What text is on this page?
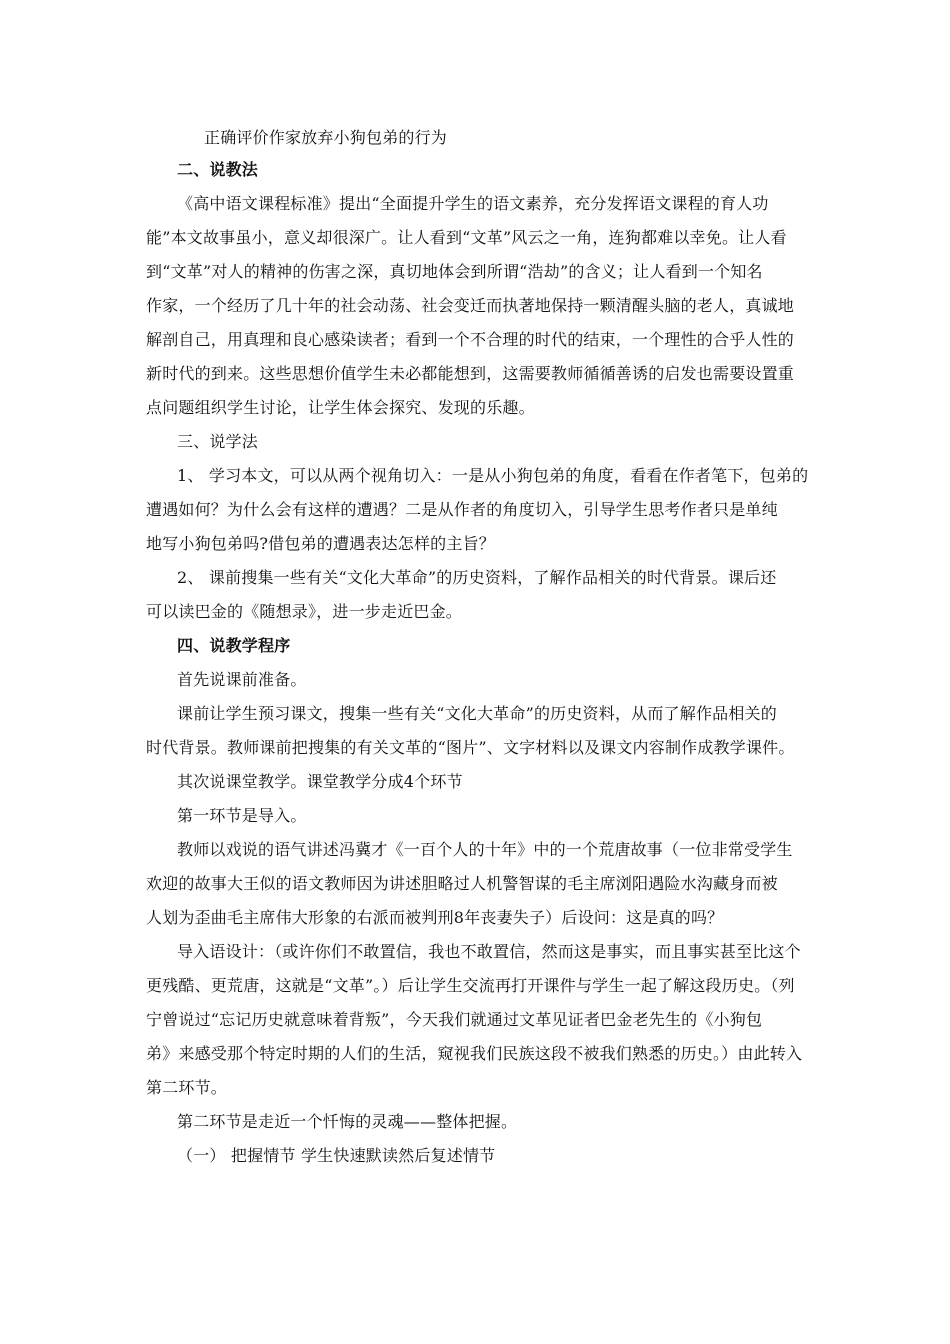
正确评价作家放弃小狗包弟的行为
二、说教法
《高中语文课程标准》提出“全面提升学生的语文素养，充分发挥语文课程的育人功
能”本文故事虽小，意义却很深广。让人看到“文革”风云之一角，连狗都难以幸免。让人看
到“文革”对人的精神的伤害之深，真切地体会到所谓“浩劫”的含义；让人看到一个知名
作家，一个经历了几十年的社会动荡、社会变迁而执著地保持一颗清醒头脑的老人，真诚地
解剖自己，用真理和良心感染读者；看到一个不合理的时代的结束，一个理性的合乎人性的
新时代的到来。这些思想价值学生未必都能想到，这需要教师循循善诱的启发也需要设置重
点问题组织学生讨论，让学生体会探究、发现的乐趣。
三、说学法
1、 学习本文，可以从两个视角切入：一是从小狗包弟的角度，看看在作者笔下，包弟的
遭遇如何？为什么会有这样的遭遇？二是从作者的角度切入，引导学生思考作者只是单纯
地写小狗包弟吗?借包弟的遭遇表达怎样的主旨？
2、 课前搜集一些有关“文化大革命”的历史资料，了解作品相关的时代背景。课后还
可以读巴金的《随想录》，进一步走近巴金。
四、说教学程序
首先说课前准备。
课前让学生预习课文，搜集一些有关“文化大革命”的历史资料，从而了解作品相关的
时代背景。教师课前把搜集的有关文革的“图片”、文字材料以及课文内容制作成教学课件。
其次说课堂教学。课堂教学分成4个环节
第一环节是导入。
教师以戏说的语气讲述冯冀才《一百个人的十年》中的一个荒唐故事（一位非常受学生
欢迎的故事大王似的语文教师因为讲述胆略过人机警智谋的毛主席浏阳遇险水沟藏身而被
人划为歪曲毛主席伟大形象的右派而被判刑8年丧妻失子）后设问：这是真的吗？
导入语设计：（或许你们不敢置信，我也不敢置信，然而这是事实，而且事实甚至比这个
更残酷、更荒唐，这就是“文革”。）后让学生交流再打开课件与学生一起了解这段历史。（列
宁曾说过“忘记历史就意味着背叛”，今天我们就通过文革见证者巴金老先生的《小狗包
弟》来感受那个特定时期的人们的生活，窥视我们民族这段不被我们熟悉的历史。）由此转入
第二环节。
第二环节是走近一个忏悔的灵魂——整体把握。
（一） 把握情节 学生快速默读然后复述情节
